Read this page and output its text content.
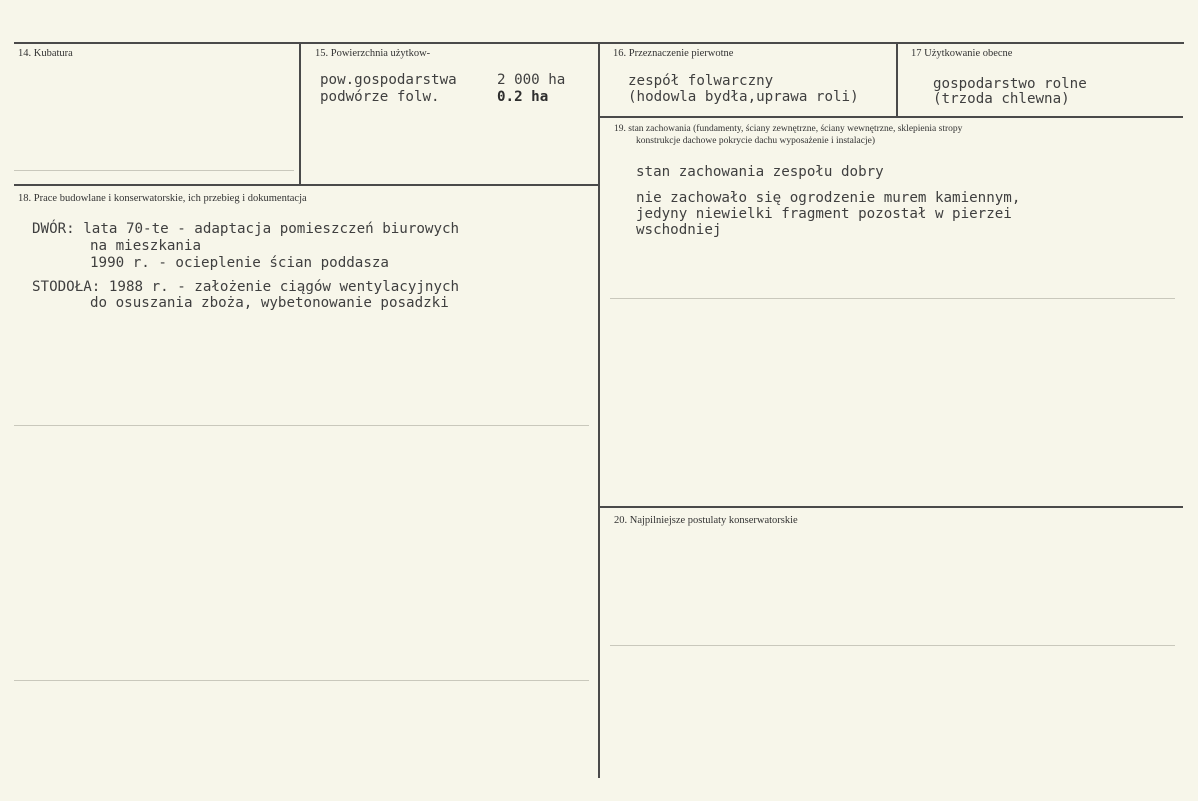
14. Kubatura	15. Powierzchnia użytkow-
pow.gospodarstwa	2 000 ha
podwórze folw.	0.2 ha
16. Przeznaczenie pierwotne
zespół folwarczny
(hodowla bydła,uprawa roli)
17 Użytkowanie obecne
gospodarstwo rolne
(trzoda chlewna)
18. Prace budowlane i konserwatorskie, ich przebieg i dokumentacja
DWÓR: lata 70-te - adaptacja pomieszczeń biurowych
na mieszkania
1990 r. - ocieplenie ścian poddasza
STODOŁA: 1988 r. - założenie ciągów wentylacyjnych
do osuszania zboża, wybetonowanie posadzki
19. stan zachowania (fundamenty, ściany zewnętrzne, ściany wewnętrzne, sklepienia stropy
konstrukcje dachowe pokrycie dachu wyposażenie i instalacje)
stan zachowania zespołu dobry
nie zachowało się ogrodzenie murem kamiennym,
jedyny niewielki fragment pozostał w pierzei
wschodniej
20. Najpilniejsze postulaty konserwatorskie
